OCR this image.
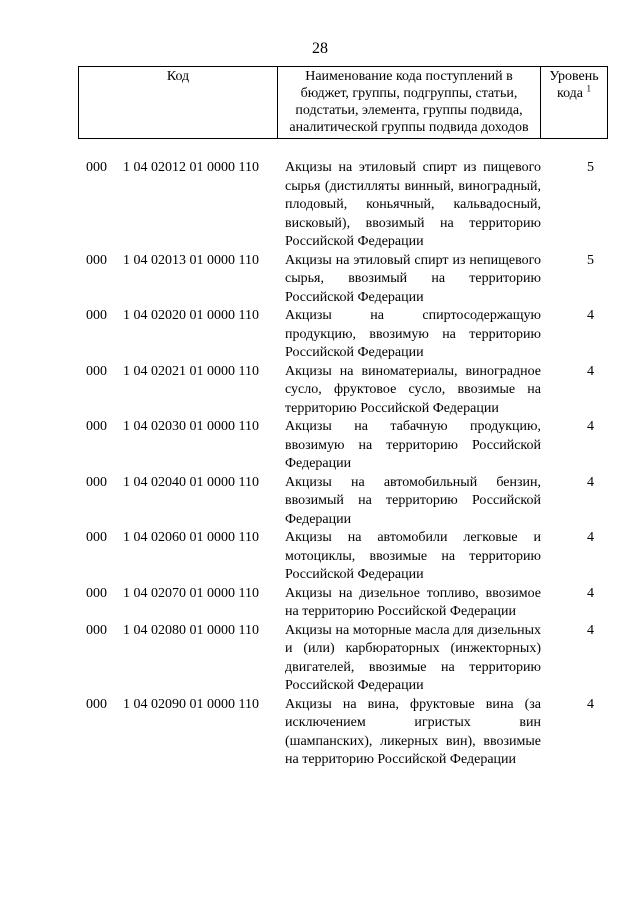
28
Код	Наименование кода поступлений в бюджет, группы, подгруппы, статьи, подстатьи, элемента, группы подвида, аналитической группы подвида доходов	Уровень кода $^1$
000	1 04 02012 01 0000 110	Акцизы на этиловый спирт из пищевого сырья (дистилляты винный, виноградный, плодовый, коньячный, кальвадосный, висковый), ввозимый на территорию Российской Федерации	5
000	1 04 02013 01 0000 110	Акцизы на этиловый спирт из непищевого сырья, ввозимый на территорию Российской Федерации	5
000	1 04 02020 01 0000 110	Акцизы на спиртосодержащую продукцию, ввозимую на территорию Российской Федерации	4
000	1 04 02021 01 0000 110	Акцизы на виноматериалы, виноградное сусло, фруктовое сусло, ввозимые на территорию Российской Федерации	4
000	1 04 02030 01 0000 110	Акцизы на табачную продукцию, ввозимую на территорию Российской Федерации	4
000	1 04 02040 01 0000 110	Акцизы на автомобильный бензин, ввозимый на территорию Российской Федерации	4
000	1 04 02060 01 0000 110	Акцизы на автомобили легковые и мотоциклы, ввозимые на территорию Российской Федерации	4
000	1 04 02070 01 0000 110	Акцизы на дизельное топливо, ввозимое на территорию Российской Федерации	4
000	1 04 02080 01 0000 110	Акцизы на моторные масла для дизельных и (или) карбюраторных (инжекторных) двигателей, ввозимые на территорию Российской Федерации	4
000	1 04 02090 01 0000 110	Акцизы на вина, фруктовые вина (за исключением игристых вин (шампанских), ликерных вин), ввозимые на территорию Российской Федерации	4
